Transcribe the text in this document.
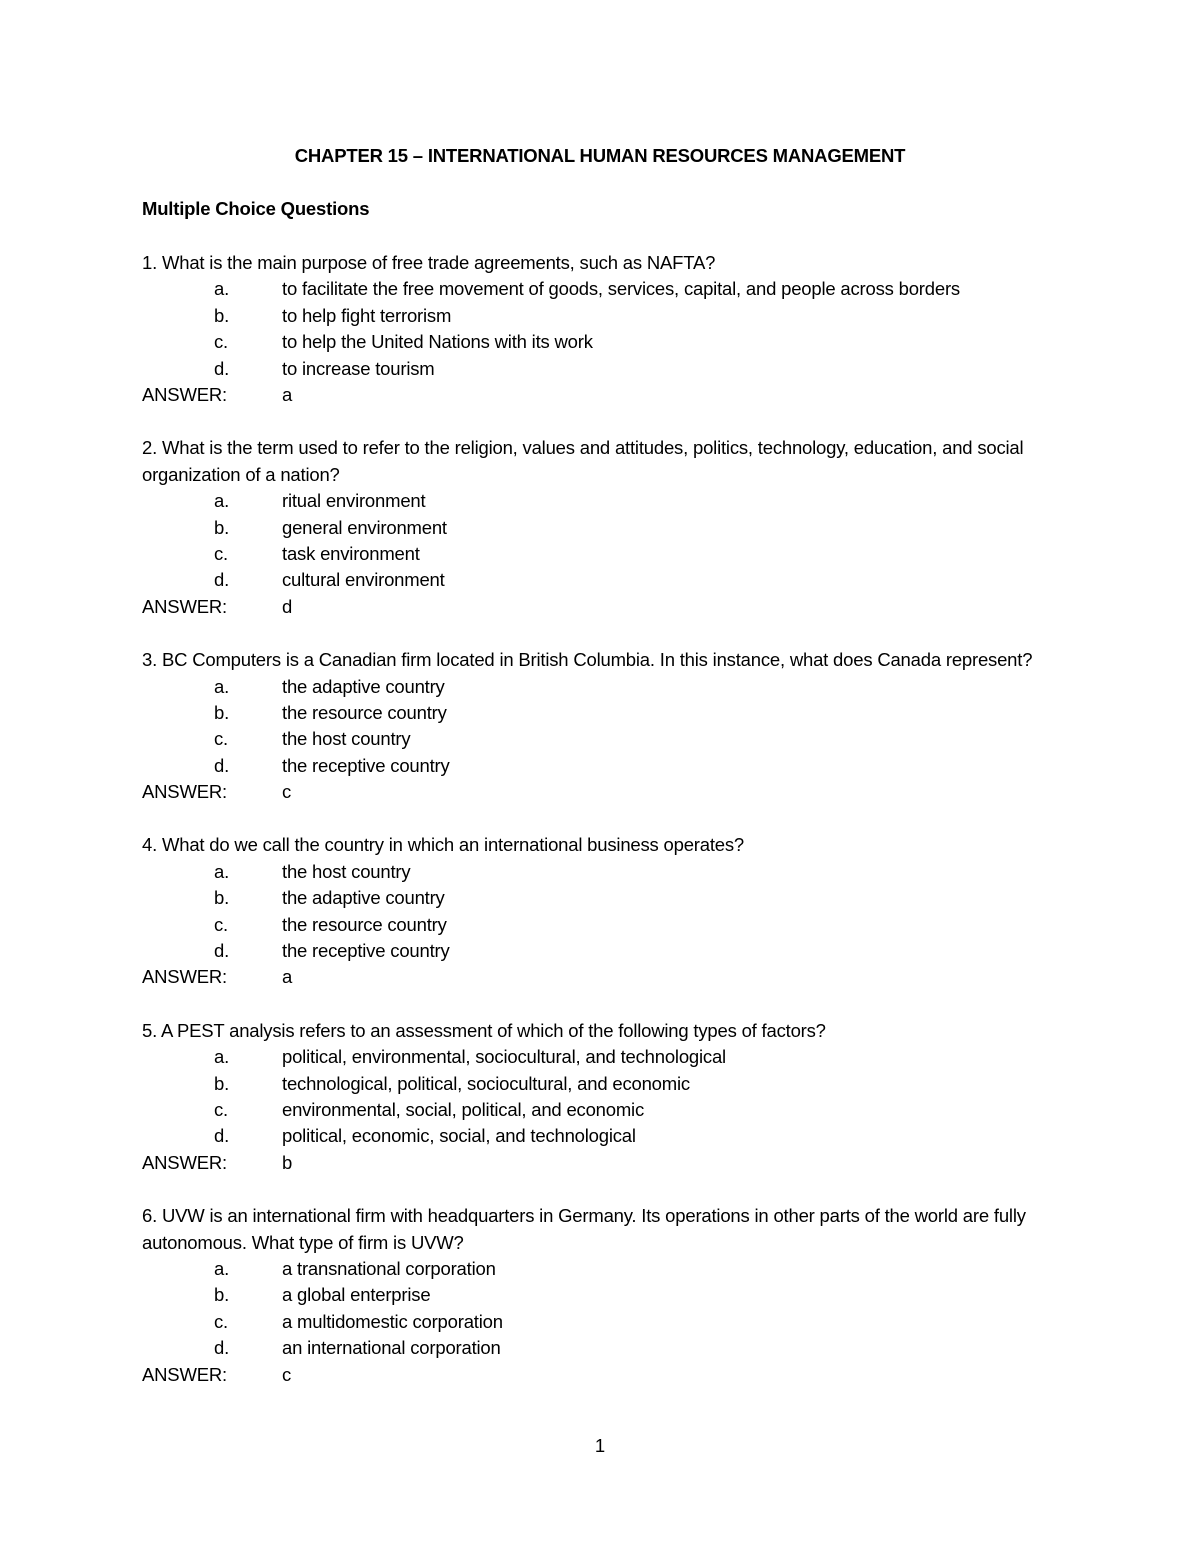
CHAPTER 15 – INTERNATIONAL HUMAN RESOURCES MANAGEMENT
Multiple Choice Questions
1. What is the main purpose of free trade agreements, such as NAFTA?
a.	to facilitate the free movement of goods, services, capital, and people across borders
b.	to help fight terrorism
c.	to help the United Nations with its work
d.	to increase tourism
ANSWER:	a
2. What is the term used to refer to the religion, values and attitudes, politics, technology, education, and social organization of a nation?
a.	ritual environment
b.	general environment
c.	task environment
d.	cultural environment
ANSWER:	d
3. BC Computers is a Canadian firm located in British Columbia. In this instance, what does Canada represent?
a.	the adaptive country
b.	the resource country
c.	the host country
d.	the receptive country
ANSWER:	c
4. What do we call the country in which an international business operates?
a.	the host country
b.	the adaptive country
c.	the resource country
d.	the receptive country
ANSWER:	a
5. A PEST analysis refers to an assessment of which of the following types of factors?
a.	political, environmental, sociocultural, and technological
b.	technological, political, sociocultural, and economic
c.	environmental, social, political, and economic
d.	political, economic, social, and technological
ANSWER:	b
6. UVW is an international firm with headquarters in Germany. Its operations in other parts of the world are fully autonomous. What type of firm is UVW?
a.	a transnational corporation
b.	a global enterprise
c.	a multidomestic corporation
d.	an international corporation
ANSWER:	c
1
